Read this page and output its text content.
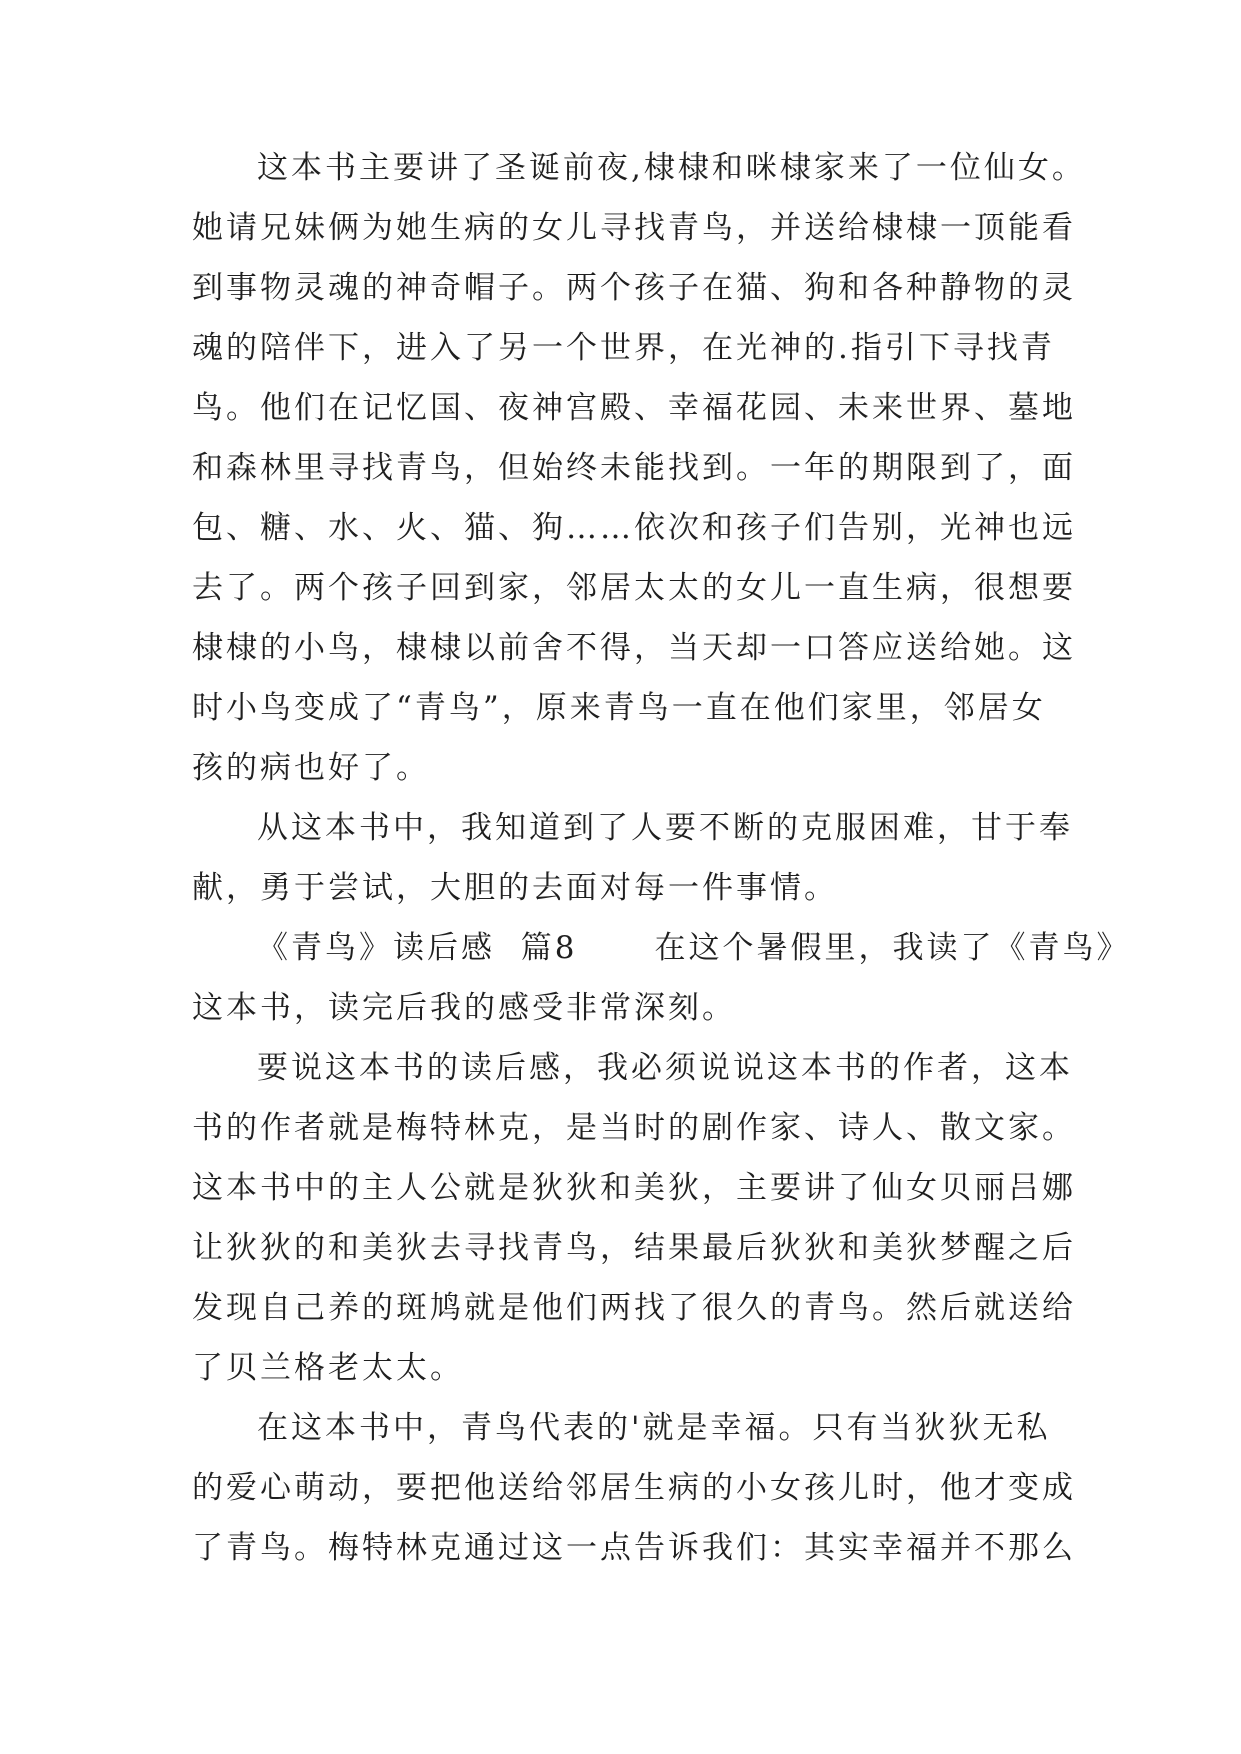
这本书主要讲了圣诞前夜,棣棣和咪棣家来了一位仙女。

她请兄妹俩为她生病的女儿寻找青鸟，并送给棣棣一顶能看

到事物灵魂的神奇帽子。两个孩子在猫、狗和各种静物的灵

魂的陪伴下，进入了另一个世界，在光神的.指引下寻找青

鸟。他们在记忆国、夜神宫殿、幸福花园、未来世界、墓地

和森林里寻找青鸟，但始终未能找到。一年的期限到了，面

包、糖、水、火、猫、狗……依次和孩子们告别，光神也远

去了。两个孩子回到家，邻居太太的女儿一直生病，很想要

棣棣的小鸟，棣棣以前舍不得，当天却一口答应送给她。这

时小鸟变成了“青鸟”，原来青鸟一直在他们家里，邻居女

孩的病也好了。

从这本书中，我知道到了人要不断的克服困难，甘于奉

献，勇于尝试，大胆的去面对每一件事情。

《青鸟》读后感  篇8      在这个暑假里，我读了《青鸟》

这本书，读完后我的感受非常深刻。

要说这本书的读后感，我必须说说这本书的作者，这本

书的作者就是梅特林克，是当时的剧作家、诗人、散文家。

这本书中的主人公就是狄狄和美狄，主要讲了仙女贝丽吕娜

让狄狄的和美狄去寻找青鸟，结果最后狄狄和美狄梦醒之后

发现自己养的斑鸠就是他们两找了很久的青鸟。然后就送给

了贝兰格老太太。

在这本书中，青鸟代表的'就是幸福。只有当狄狄无私

的爱心萌动，要把他送给邻居生病的小女孩儿时，他才变成

了青鸟。梅特林克通过这一点告诉我们：其实幸福并不那么
